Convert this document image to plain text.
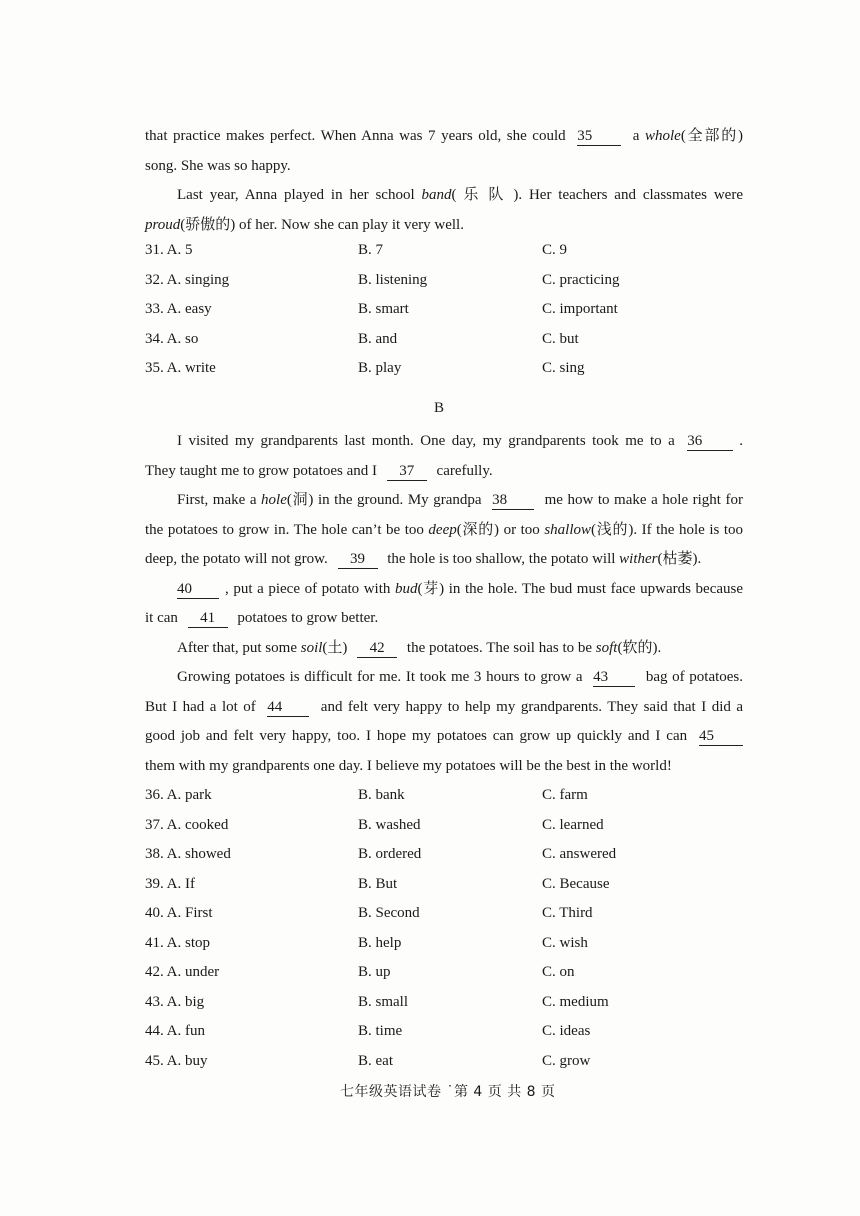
that practice makes perfect. When Anna was 7 years old, she could 35	a whole(全部的)
song. She was so happy.
Last year, Anna played in her school band( 乐 队 ). Her teachers and classmates were
proud(骄傲的) of her. Now she can play it very well.
31. A. 5	B. 7	C. 9
32. A. singing	B. listening	C. practicing
33. A. easy	B. smart	C. important
34. A. so	B. and	C. but
35. A. write	B. play	C. sing
B
I visited my grandparents last month. One day, my grandparents took me to a 36 .
They taught me to grow potatoes and I 37 carefully.
First, make a hole(洞) in the ground. My grandpa 38	me how to make a hole right for
the potatoes to grow in. The hole can’t be too deep(深的) or too shallow(浅的). If the hole is too
deep, the potato will not grow. 39 the hole is too shallow, the potato will wither(枯萎).
40 , put a piece of potato with bud(芽) in the hole. The bud must face upwards because
it can 41 potatoes to grow better.
After that, put some soil(土) 42 the potatoes. The soil has to be soft(软的).
Growing potatoes is difficult for me. It took me 3 hours to grow a 43	bag of potatoes.
But I had a lot of 44	and felt very happy to help my grandparents. They said that I did a
good job and felt very happy, too. I hope my potatoes can grow up quickly and I can 45
them with my grandparents one day. I believe my potatoes will be the best in the world!
36. A. park	B. bank	C. farm
37. A. cooked	B. washed	C. learned
38. A. showed	B. ordered	C. answered
39. A. If	B. But	C. Because
40. A. First	B. Second	C. Third
41. A. stop	B. help	C. wish
42. A. under	B. up	C. on
43. A. big	B. small	C. medium
44. A. fun	B. time	C. ideas
45. A. buy	B. eat	C. grow
七年级英语试卷 ˙第 4 页 共 8 页
